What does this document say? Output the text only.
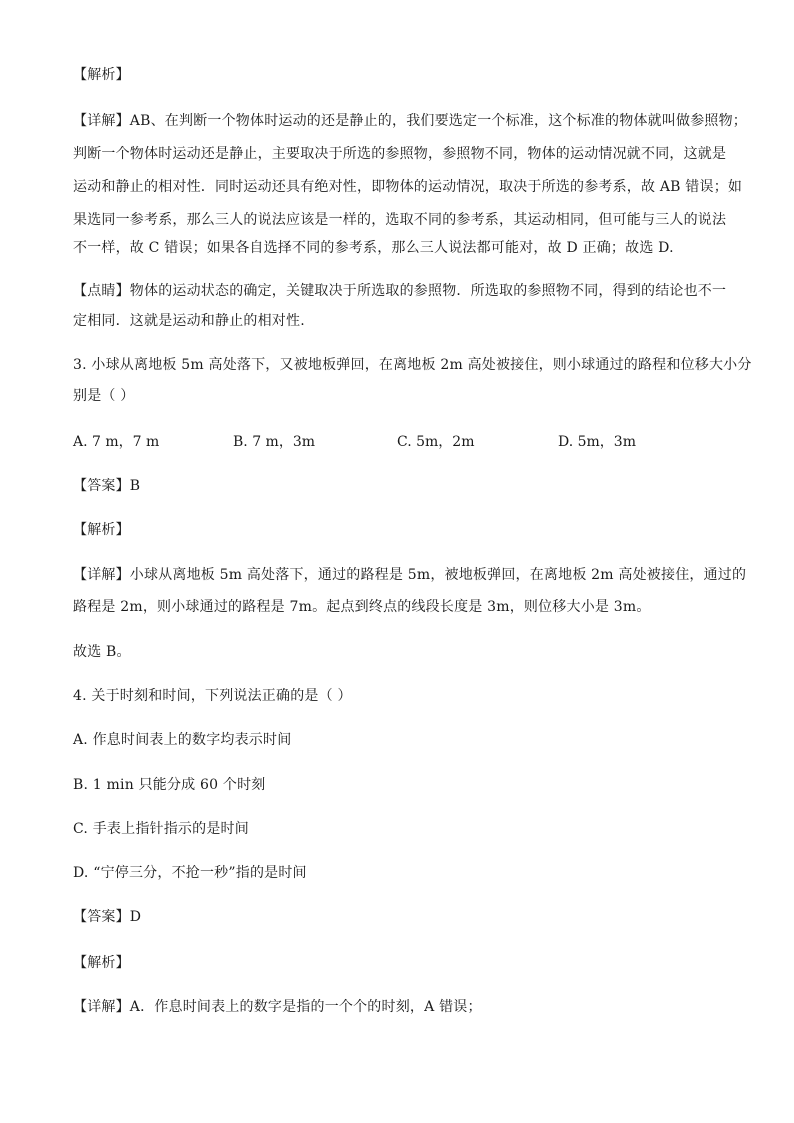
【解析】
【详解】AB、在判断一个物体时运动的还是静止的，我们要选定一个标准，这个标准的物体就叫做参照物；
判断一个物体时运动还是静止，主要取决于所选的参照物，参照物不同，物体的运动情况就不同，这就是
运动和静止的相对性．同时运动还具有绝对性，即物体的运动情况，取决于所选的参考系，故 AB 错误；如
果选同一参考系，那么三人的说法应该是一样的，选取不同的参考系，其运动相同，但可能与三人的说法
不一样，故 C 错误；如果各自选择不同的参考系，那么三人说法都可能对，故 D 正确；故选 D.
【点睛】物体的运动状态的确定，关键取决于所选取的参照物．所选取的参照物不同，得到的结论也不一
定相同．这就是运动和静止的相对性.
3. 小球从离地板 5m 高处落下，又被地板弹回，在离地板 2m 高处被接住，则小球通过的路程和位移大小分
别是（ ）
A. 7 m，7 m	B. 7 m，3m	C. 5m，2m	D. 5m，3m
【答案】B
【解析】
【详解】小球从离地板 5m 高处落下，通过的路程是 5m，被地板弹回，在离地板 2m 高处被接住，通过的
路程是 2m，则小球通过的路程是 7m。起点到终点的线段长度是 3m，则位移大小是 3m。
故选 B。
4. 关于时刻和时间，下列说法正确的是（ ）
A. 作息时间表上的数字均表示时间
B. 1 min 只能分成 60 个时刻
C. 手表上指针指示的是时间
D. “宁停三分，不抢一秒”指的是时间
【答案】D
【解析】
【详解】A．作息时间表上的数字是指的一个个的时刻，A 错误；
